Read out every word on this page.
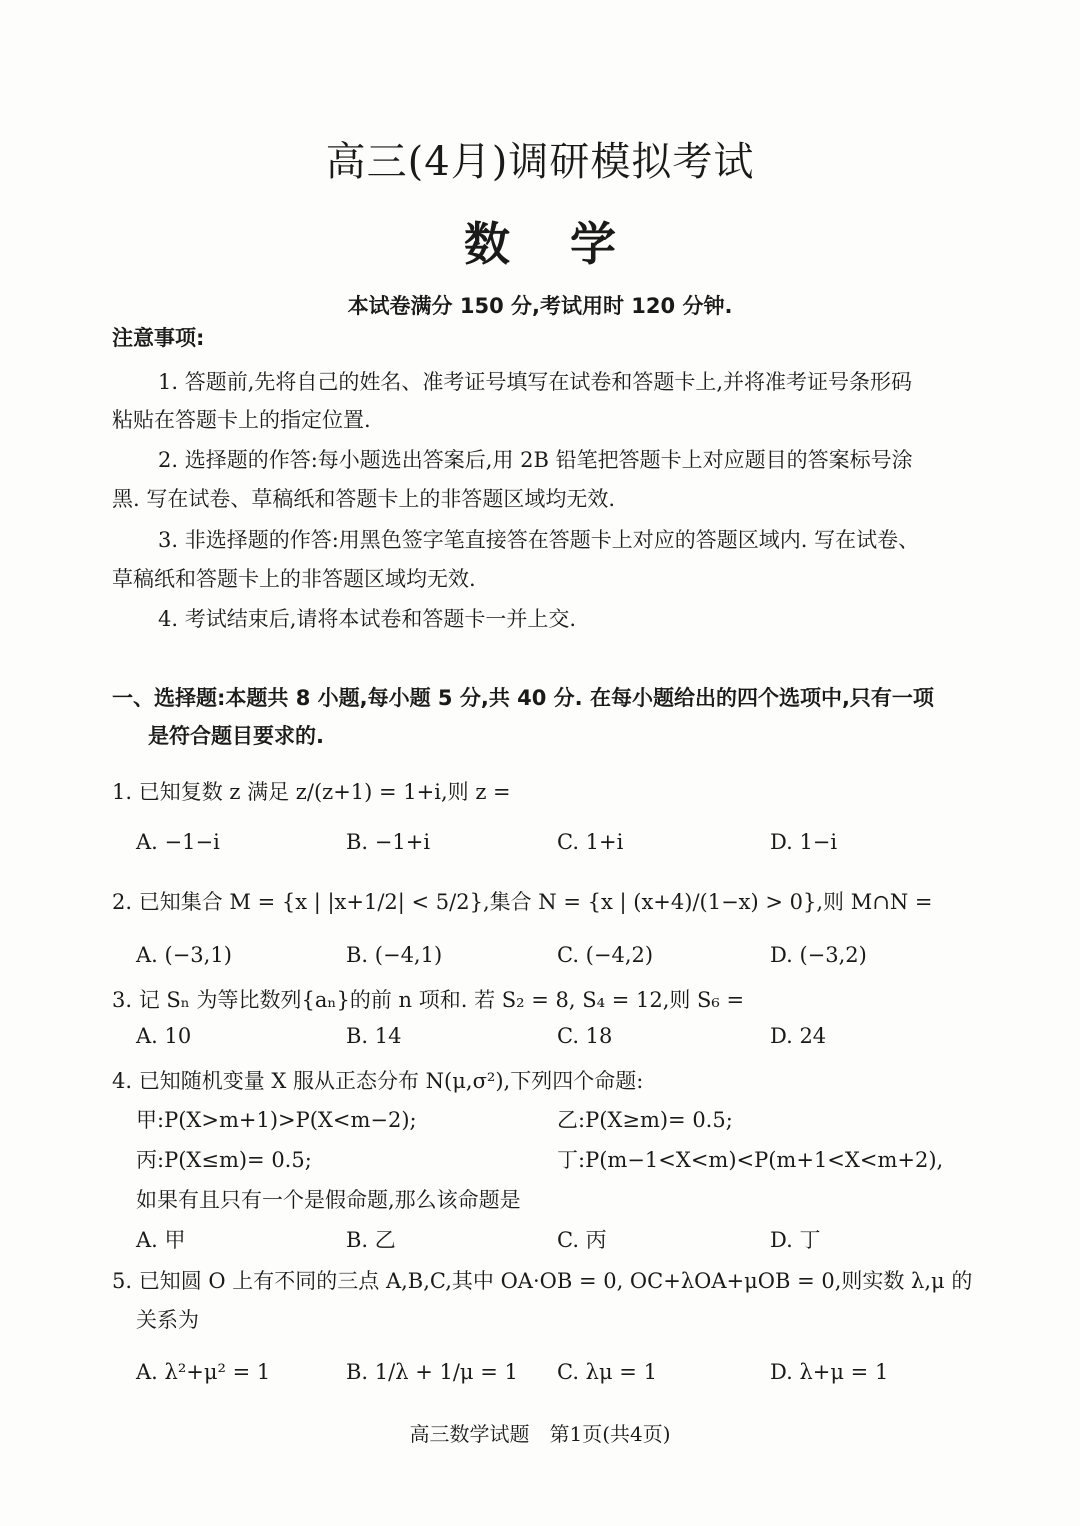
高三(4月)调研模拟考试
数学
本试卷满分 150 分,考试用时 120 分钟.
注意事项:
1. 答题前,先将自己的姓名、准考证号填写在试卷和答题卡上,并将准考证号条形码
粘贴在答题卡上的指定位置.
2. 选择题的作答:每小题选出答案后,用 2B 铅笔把答题卡上对应题目的答案标号涂
黑. 写在试卷、草稿纸和答题卡上的非答题区域均无效.
3. 非选择题的作答:用黑色签字笔直接答在答题卡上对应的答题区域内. 写在试卷、
草稿纸和答题卡上的非答题区域均无效.
4. 考试结束后,请将本试卷和答题卡一并上交.
一、选择题:本题共 8 小题,每小题 5 分,共 40 分. 在每小题给出的四个选项中,只有一项
是符合题目要求的.
1. 已知复数 z 满足 z/(z+1) = 1+i,则 z =
A. −1−i	B. −1+i	C. 1+i	D. 1−i
2. 已知集合 M = {x | |x+1/2| < 5/2},集合 N = {x | (x+4)/(1−x) > 0},则 M∩N =
A. (−3,1)	B. (−4,1)	C. (−4,2)	D. (−3,2)
3. 记 Sₙ 为等比数列{aₙ}的前 n 项和. 若 S₂ = 8, S₄ = 12,则 S₆ =
A. 10	B. 14	C. 18	D. 24
4. 已知随机变量 X 服从正态分布 N(μ,σ²),下列四个命题:
甲:P(X>m+1)>P(X<m−2);	乙:P(X≥m)= 0.5;
丙:P(X≤m)= 0.5;	丁:P(m−1<X<m)<P(m+1<X<m+2),
如果有且只有一个是假命题,那么该命题是
A. 甲	B. 乙	C. 丙	D. 丁
5. 已知圆 O 上有不同的三点 A,B,C,其中 OA·OB = 0, OC+λOA+μOB = 0,则实数 λ,μ 的
关系为
A. λ²+μ² = 1	B. 1/λ + 1/μ = 1 C. λμ = 1	D. λ+μ = 1
高三数学试题 第1页(共4页)
